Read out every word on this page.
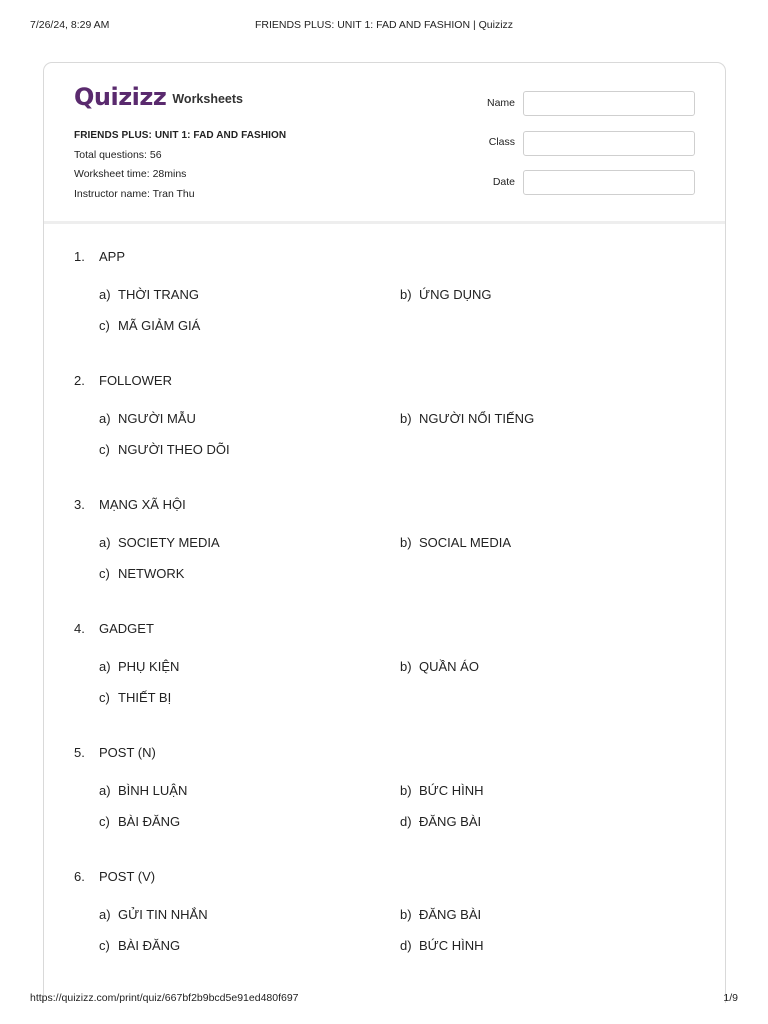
7/26/24, 8:29 AM	FRIENDS PLUS: UNIT 1: FAD AND FASHION | Quizizz
Quizizz Worksheets
FRIENDS PLUS: UNIT 1: FAD AND FASHION
Total questions: 56
Worksheet time: 28mins
Instructor name: Tran Thu
Name
Class
Date
1. APP
a) THỜI TRANG	b) ỨNG DỤNG
c) MÃ GIẢM GIÁ
2. FOLLOWER
a) NGƯỜI MẪU	b) NGƯỜI NỔI TIẾNG
c) NGƯỜI THEO DÕI
3. MẠNG XÃ HỘI
a) SOCIETY MEDIA	b) SOCIAL MEDIA
c) NETWORK
4. GADGET
a) PHỤ KIỆN	b) QUẦN ÁO
c) THIẾT BỊ
5. POST (N)
a) BÌNH LUẬN	b) BỨC HÌNH
c) BÀI ĐĂNG	d) ĐĂNG BÀI
6. POST (V)
a) GỬI TIN NHẮN	b) ĐĂNG BÀI
c) BÀI ĐĂNG	d) BỨC HÌNH
https://quizizz.com/print/quiz/667bf2b9bcd5e91ed480f697	1/9
